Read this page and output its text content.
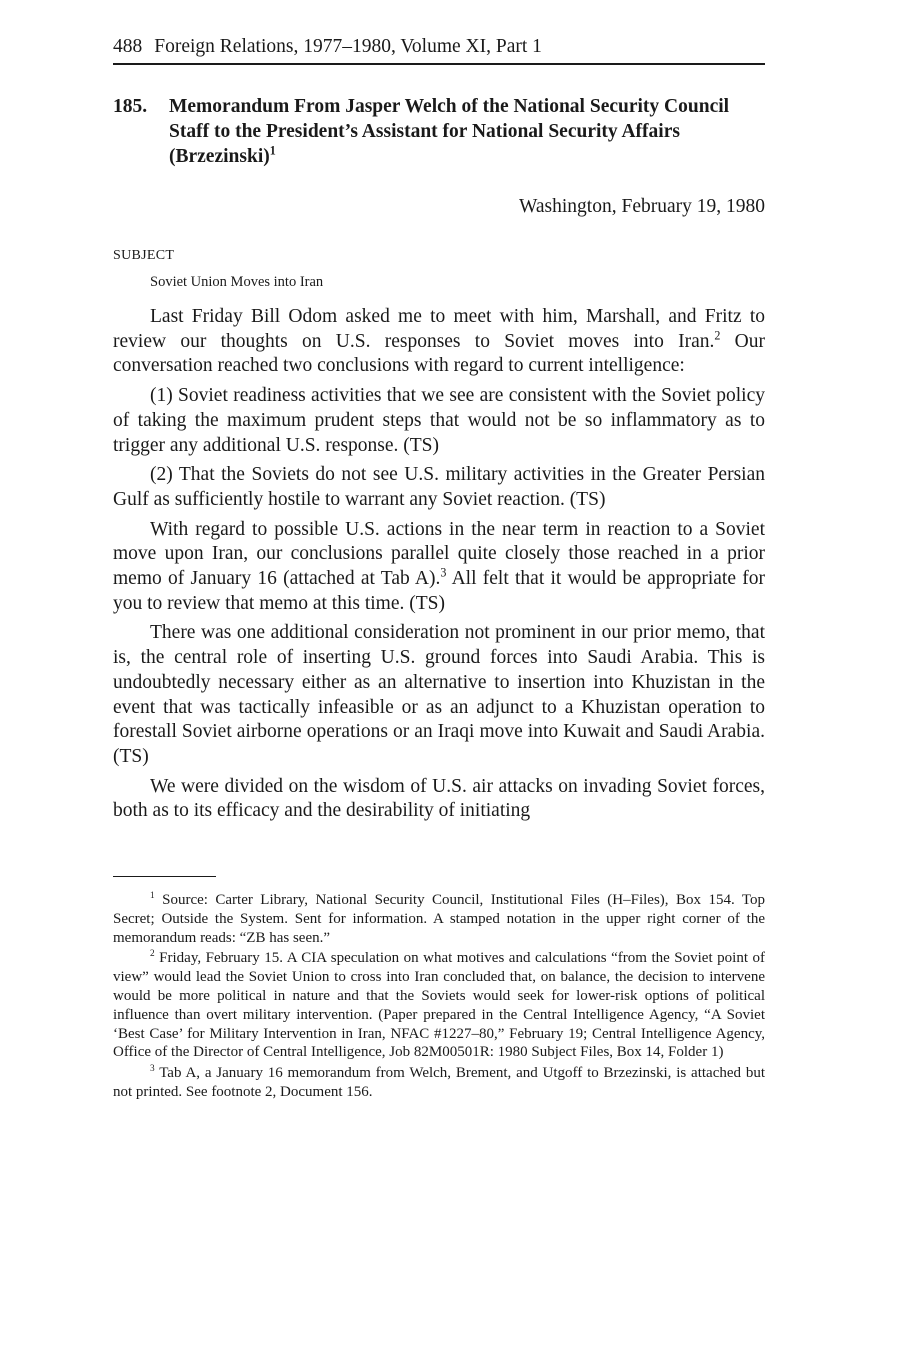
488 Foreign Relations, 1977–1980, Volume XI, Part 1
185.	Memorandum From Jasper Welch of the National Security Council Staff to the President’s Assistant for National Security Affairs (Brzezinski)$^1$
Washington, February 19, 1980
SUBJECT
Soviet Union Moves into Iran

Last Friday Bill Odom asked me to meet with him, Marshall, and Fritz to review our thoughts on U.S. responses to Soviet moves into Iran.$^2$ Our conversation reached two conclusions with regard to current intelligence:

(1) Soviet readiness activities that we see are consistent with the Soviet policy of taking the maximum prudent steps that would not be so inflammatory as to trigger any additional U.S. response. (TS)

(2) That the Soviets do not see U.S. military activities in the Greater Persian Gulf as sufficiently hostile to warrant any Soviet reaction. (TS)

With regard to possible U.S. actions in the near term in reaction to a Soviet move upon Iran, our conclusions parallel quite closely those reached in a prior memo of January 16 (attached at Tab A).$^3$ All felt that it would be appropriate for you to review that memo at this time. (TS)

There was one additional consideration not prominent in our prior memo, that is, the central role of inserting U.S. ground forces into Saudi Arabia. This is undoubtedly necessary either as an alternative to insertion into Khuzistan in the event that was tactically infeasible or as an adjunct to a Khuzistan operation to forestall Soviet airborne operations or an Iraqi move into Kuwait and Saudi Arabia. (TS)

We were divided on the wisdom of U.S. air attacks on invading Soviet forces, both as to its efficacy and the desirability of initiating

$^1$ Source: Carter Library, National Security Council, Institutional Files (H–Files), Box 154. Top Secret; Outside the System. Sent for information. A stamped notation in the upper right corner of the memorandum reads: “ZB has seen.”

$^2$ Friday, February 15. A CIA speculation on what motives and calculations “from the Soviet point of view” would lead the Soviet Union to cross into Iran concluded that, on balance, the decision to intervene would be more political in nature and that the Soviets would seek for lower-risk options of political influence than overt military intervention. (Paper prepared in the Central Intelligence Agency, “A Soviet ‘Best Case’ for Military Intervention in Iran, NFAC #1227–80,” February 19; Central Intelligence Agency, Office of the Director of Central Intelligence, Job 82M00501R: 1980 Subject Files, Box 14, Folder 1)

$^3$ Tab A, a January 16 memorandum from Welch, Brement, and Utgoff to Brzezinski, is attached but not printed. See footnote 2, Document 156.
